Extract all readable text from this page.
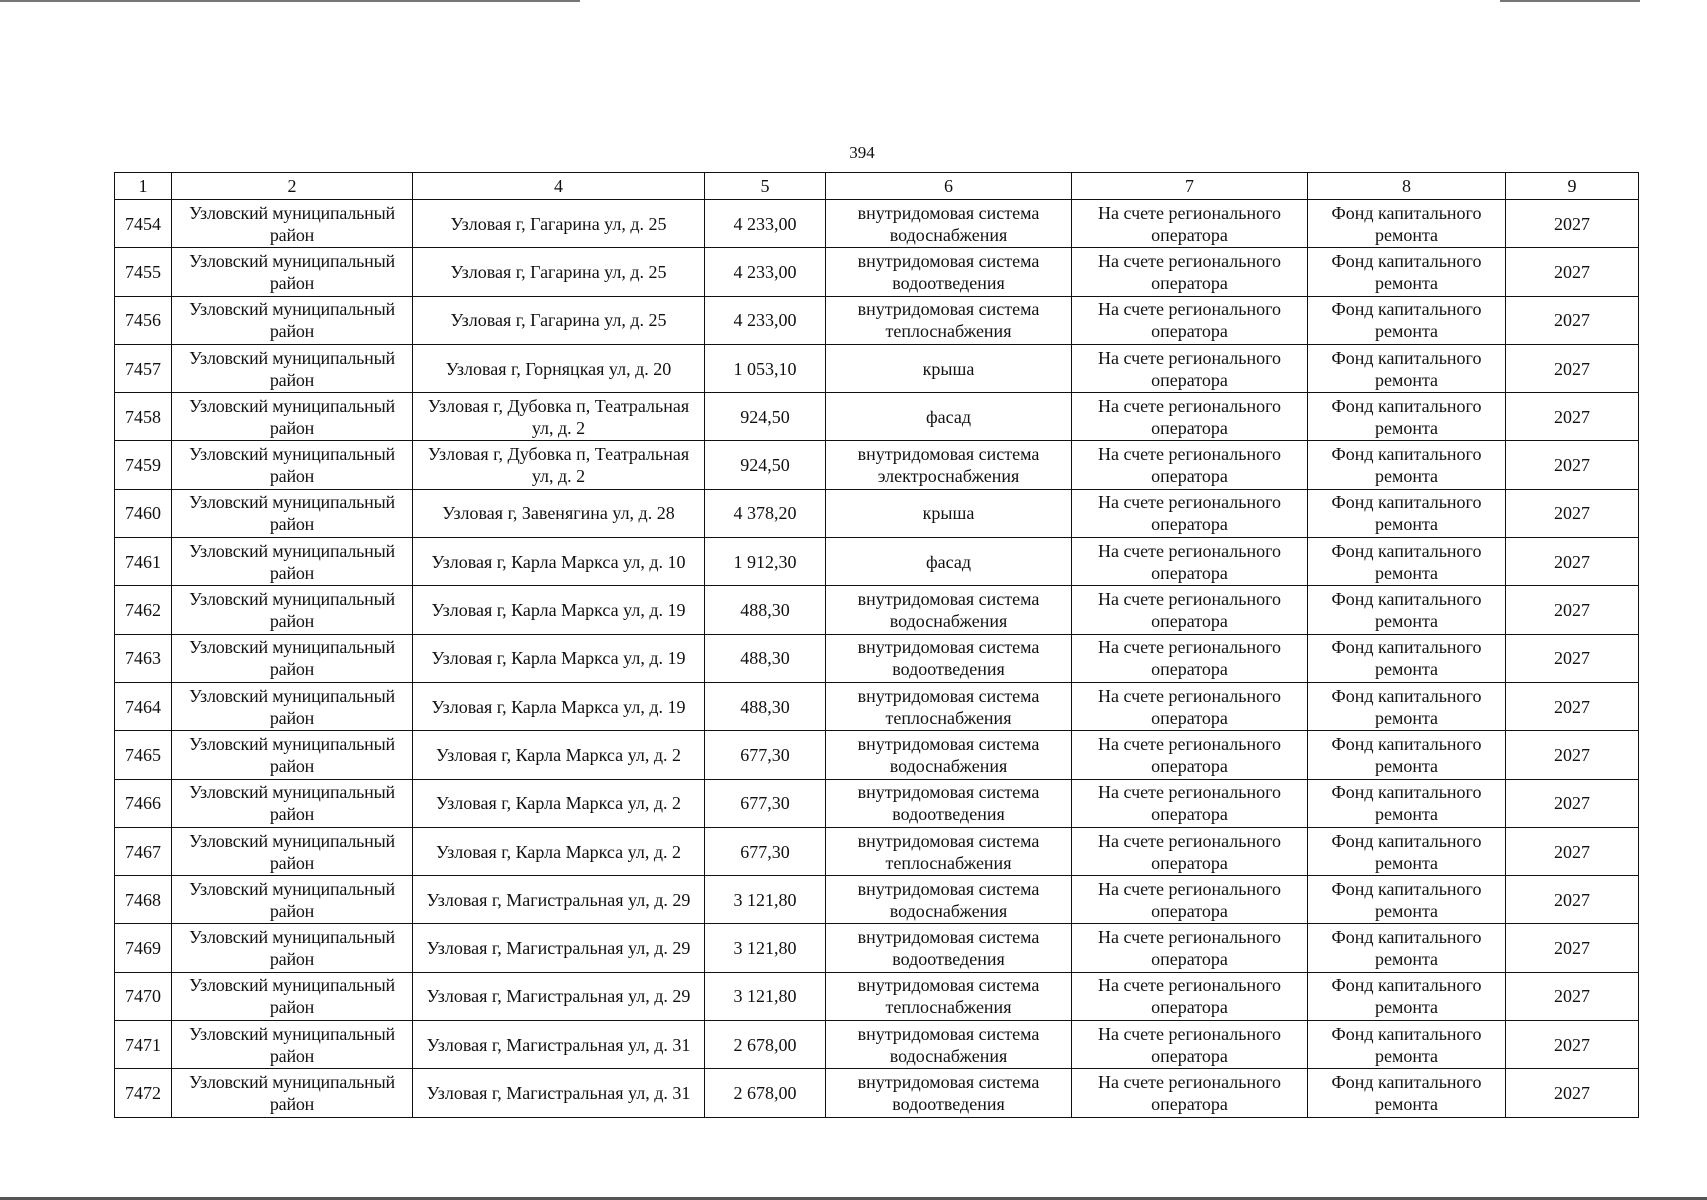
394
1	2	4	5	6	7	8	9
7454	Узловский муниципальный район	Узловая г, Гагарина ул, д. 25	4 233,00	внутридомовая система водоснабжения	На счете регионального оператора	Фонд капитального ремонта	2027
7455	Узловский муниципальный район	Узловая г, Гагарина ул, д. 25	4 233,00	внутридомовая система водоотведения	На счете регионального оператора	Фонд капитального ремонта	2027
7456	Узловский муниципальный район	Узловая г, Гагарина ул, д. 25	4 233,00	внутридомовая система теплоснабжения	На счете регионального оператора	Фонд капитального ремонта	2027
7457	Узловский муниципальный район	Узловая г, Горняцкая ул, д. 20	1 053,10	крыша	На счете регионального оператора	Фонд капитального ремонта	2027
7458	Узловский муниципальный район	Узловая г, Дубовка п, Театральная ул, д. 2	924,50	фасад	На счете регионального оператора	Фонд капитального ремонта	2027
7459	Узловский муниципальный район	Узловая г, Дубовка п, Театральная ул, д. 2	924,50	внутридомовая система электроснабжения	На счете регионального оператора	Фонд капитального ремонта	2027
7460	Узловский муниципальный район	Узловая г, Завенягина ул, д. 28	4 378,20	крыша	На счете регионального оператора	Фонд капитального ремонта	2027
7461	Узловский муниципальный район	Узловая г, Карла Маркса ул, д. 10	1 912,30	фасад	На счете регионального оператора	Фонд капитального ремонта	2027
7462	Узловский муниципальный район	Узловая г, Карла Маркса ул, д. 19	488,30	внутридомовая система водоснабжения	На счете регионального оператора	Фонд капитального ремонта	2027
7463	Узловский муниципальный район	Узловая г, Карла Маркса ул, д. 19	488,30	внутридомовая система водоотведения	На счете регионального оператора	Фонд капитального ремонта	2027
7464	Узловский муниципальный район	Узловая г, Карла Маркса ул, д. 19	488,30	внутридомовая система теплоснабжения	На счете регионального оператора	Фонд капитального ремонта	2027
7465	Узловский муниципальный район	Узловая г, Карла Маркса ул, д. 2	677,30	внутридомовая система водоснабжения	На счете регионального оператора	Фонд капитального ремонта	2027
7466	Узловский муниципальный район	Узловая г, Карла Маркса ул, д. 2	677,30	внутридомовая система водоотведения	На счете регионального оператора	Фонд капитального ремонта	2027
7467	Узловский муниципальный район	Узловая г, Карла Маркса ул, д. 2	677,30	внутридомовая система теплоснабжения	На счете регионального оператора	Фонд капитального ремонта	2027
7468	Узловский муниципальный район	Узловая г, Магистральная ул, д. 29	3 121,80	внутридомовая система водоснабжения	На счете регионального оператора	Фонд капитального ремонта	2027
7469	Узловский муниципальный район	Узловая г, Магистральная ул, д. 29	3 121,80	внутридомовая система водоотведения	На счете регионального оператора	Фонд капитального ремонта	2027
7470	Узловский муниципальный район	Узловая г, Магистральная ул, д. 29	3 121,80	внутридомовая система теплоснабжения	На счете регионального оператора	Фонд капитального ремонта	2027
7471	Узловский муниципальный район	Узловая г, Магистральная ул, д. 31	2 678,00	внутридомовая система водоснабжения	На счете регионального оператора	Фонд капитального ремонта	2027
7472	Узловский муниципальный район	Узловая г, Магистральная ул, д. 31	2 678,00	внутридомовая система водоотведения	На счете регионального оператора	Фонд капитального ремонта	2027
